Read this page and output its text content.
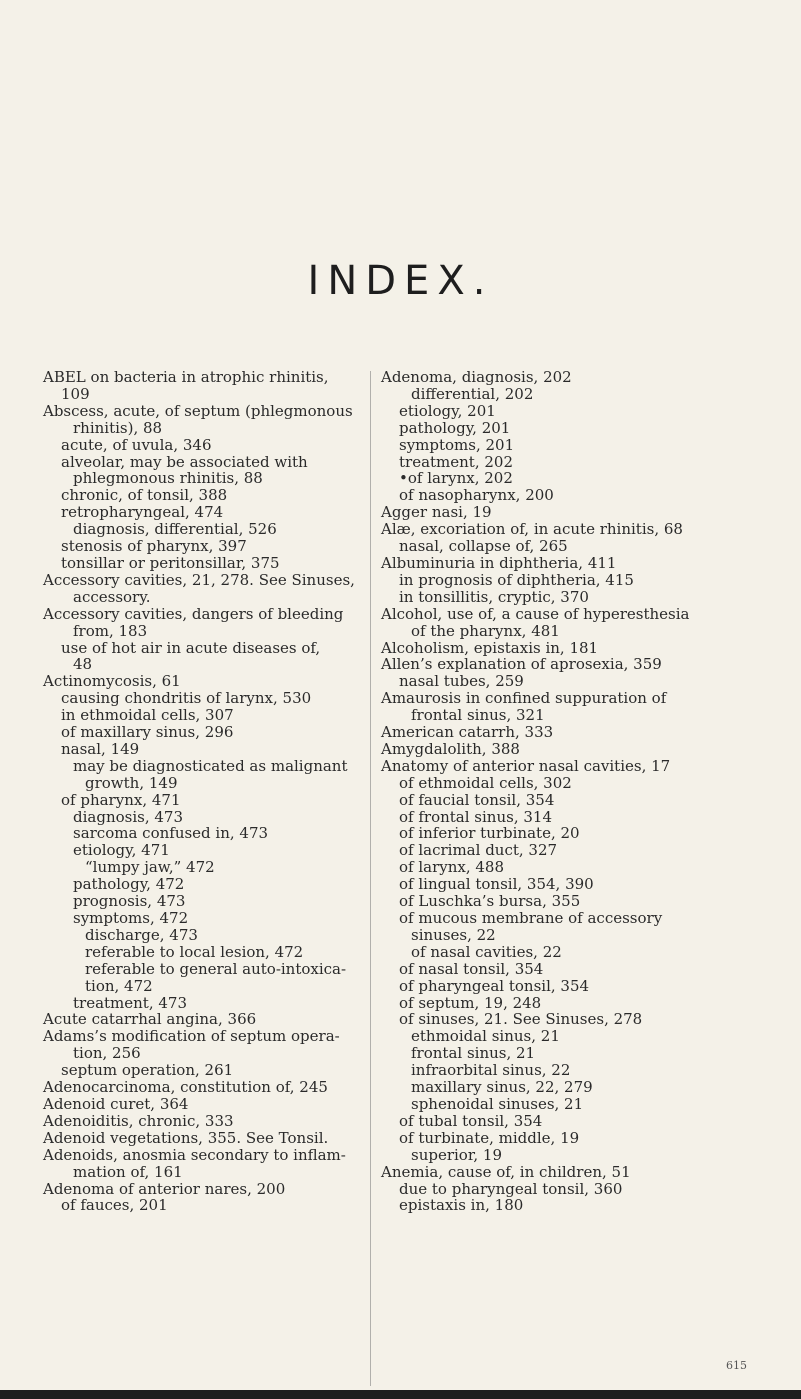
INDEX.
ABEL on bacteria in atrophic rhinitis,
109
Abscess, acute, of septum (phlegmonous
rhinitis), 88
acute, of uvula, 346
alveolar, may be associated with
phlegmonous rhinitis, 88
chronic, of tonsil, 388
retropharyngeal, 474
diagnosis, differential, 526
stenosis of pharynx, 397
tonsillar or peritonsillar, 375
Accessory cavities, 21, 278. See Sinuses,
accessory.
Accessory cavities, dangers of bleeding
from, 183
use of hot air in acute diseases of,
48
Actinomycosis, 61
causing chondritis of larynx, 530
in ethmoidal cells, 307
of maxillary sinus, 296
nasal, 149
may be diagnosticated as malignant
growth, 149
of pharynx, 471
diagnosis, 473
sarcoma confused in, 473
etiology, 471
“lumpy jaw,” 472
pathology, 472
prognosis, 473
symptoms, 472
discharge, 473
referable to local lesion, 472
referable to general auto-intoxica-
tion, 472
treatment, 473
Acute catarrhal angina, 366
Adams’s modification of septum opera-
tion, 256
septum operation, 261
Adenocarcinoma, constitution of, 245
Adenoid curet, 364
Adenoiditis, chronic, 333
Adenoid vegetations, 355. See Tonsil.
Adenoids, anosmia secondary to inflam-
mation of, 161
Adenoma of anterior nares, 200
of fauces, 201
Adenoma, diagnosis, 202
differential, 202
etiology, 201
pathology, 201
symptoms, 201
treatment, 202
•of larynx, 202
of nasopharynx, 200
Agger nasi, 19
Alæ, excoriation of, in acute rhinitis, 68
nasal, collapse of, 265
Albuminuria in diphtheria, 411
in prognosis of diphtheria, 415
in tonsillitis, cryptic, 370
Alcohol, use of, a cause of hyperesthesia
of the pharynx, 481
Alcoholism, epistaxis in, 181
Allen’s explanation of aprosexia, 359
nasal tubes, 259
Amaurosis in confined suppuration of
frontal sinus, 321
American catarrh, 333
Amygdalolith, 388
Anatomy of anterior nasal cavities, 17
of ethmoidal cells, 302
of faucial tonsil, 354
of frontal sinus, 314
of inferior turbinate, 20
of lacrimal duct, 327
of larynx, 488
of lingual tonsil, 354, 390
of Luschka’s bursa, 355
of mucous membrane of accessory
sinuses, 22
of nasal cavities, 22
of nasal tonsil, 354
of pharyngeal tonsil, 354
of septum, 19, 248
of sinuses, 21. See Sinuses, 278
ethmoidal sinus, 21
frontal sinus, 21
infraorbital sinus, 22
maxillary sinus, 22, 279
sphenoidal sinuses, 21
of tubal tonsil, 354
of turbinate, middle, 19
superior, 19
Anemia, cause of, in children, 51
due to pharyngeal tonsil, 360
epistaxis in, 180
615
